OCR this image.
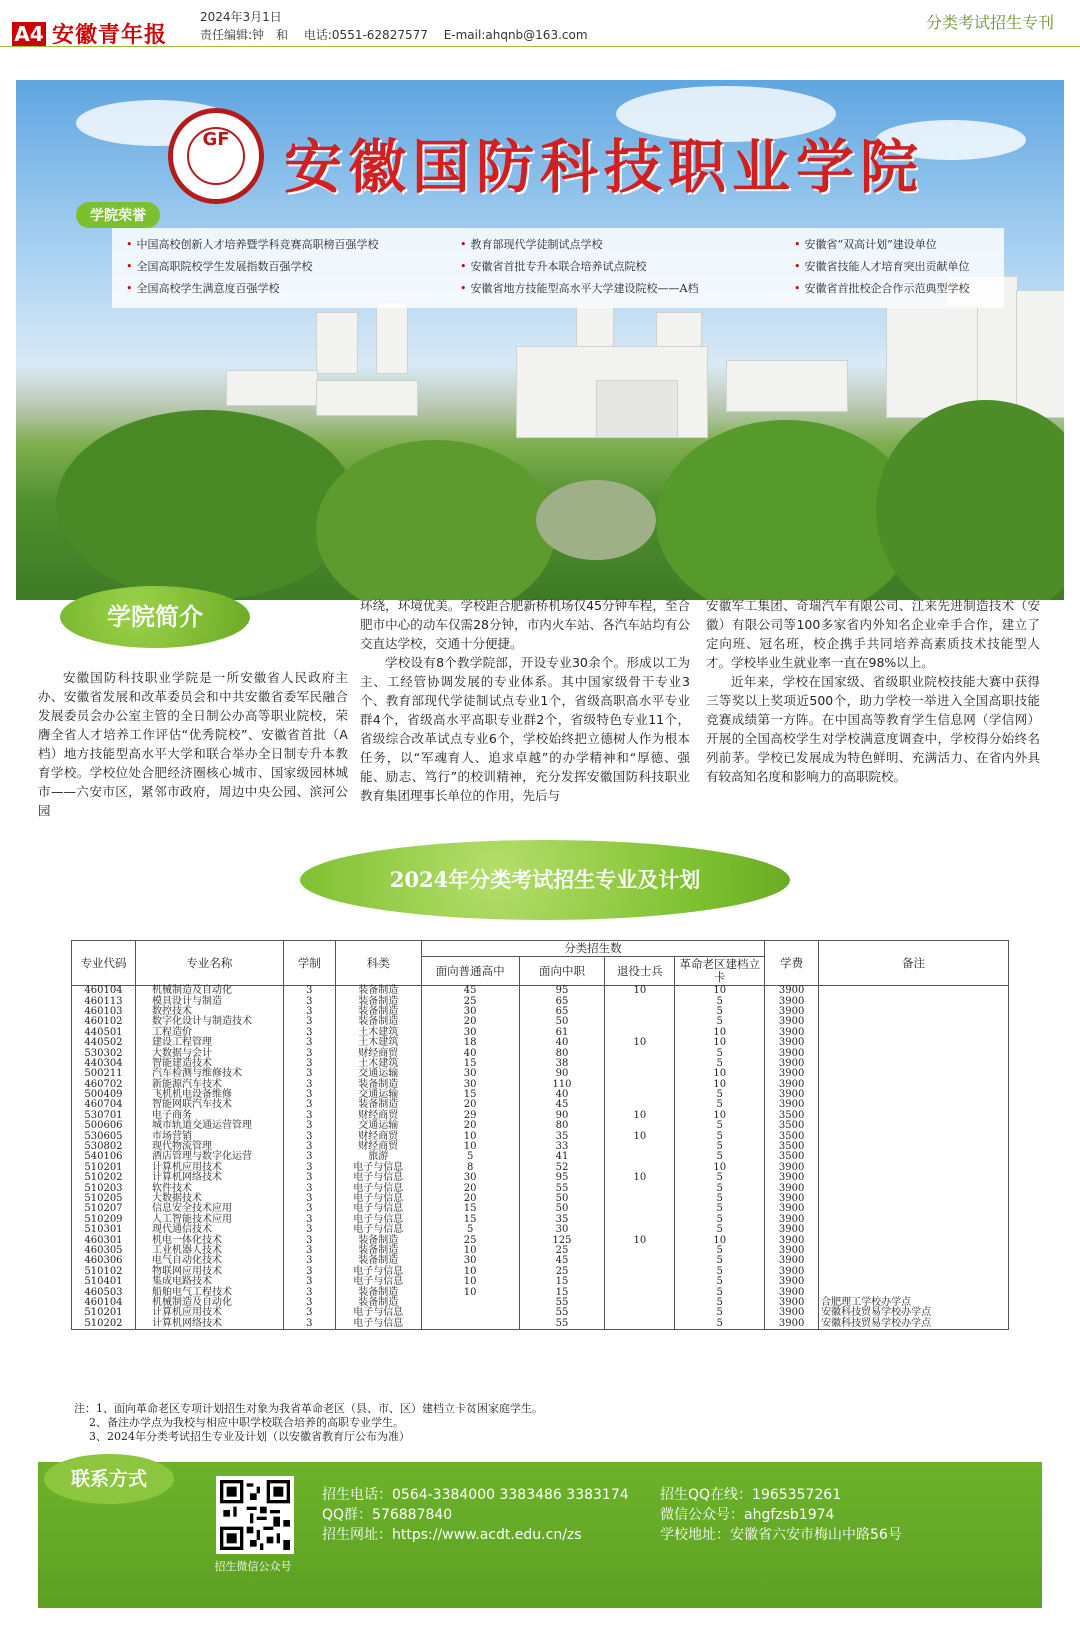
A4 安徽青年报
2024年3月1日
责任编辑:钟　和　 电话:0551-62827577　 E-mail:ahqnb@163.com
分类考试招生专刊
GF 安徽国防科技职业学院
学院荣誉
• 中国高校创新人才培养暨学科竞赛高职榜百强学校	• 教育部现代学徒制试点学校	• 安徽省“双高计划”建设单位
• 全国高职院校学生发展指数百强学校	• 安徽省首批专升本联合培养试点院校	• 安徽省技能人才培育突出贡献单位
• 全国高校学生满意度百强学校	• 安徽省地方技能型高水平大学建设院校——A档	• 安徽省首批校企合作示范典型学校
学院简介

安徽国防科技职业学院是一所安徽省人民政府主办、安徽省发展和改革委员会和中共安徽省委军民融合发展委员会办公室主管的全日制公办高等职业院校，荣膺全省人才培养工作评估“优秀院校”、安徽省首批（A档）地方技能型高水平大学和联合举办全日制专升本教育学校。学校位处合肥经济圈核心城市、国家级园林城市——六安市区，紧邻市政府，周边中央公园、滨河公园

环绕，环境优美。学校距合肥新桥机场仅45分钟车程，至合肥市中心的动车仅需28分钟，市内火车站、各汽车站均有公交直达学校，交通十分便捷。

学校设有8个教学院部，开设专业30余个。形成以工为主、工经管协调发展的专业体系。其中国家级骨干专业3个、教育部现代学徒制试点专业1个，省级高职高水平专业群4个，省级高水平高职专业群2个，省级特色专业11个，省级综合改革试点专业6个，学校始终把立德树人作为根本任务，以“军魂育人、追求卓越”的办学精神和“厚德、强能、励志、笃行”的校训精神，充分发挥安徽国防科技职业教育集团理事长单位的作用，先后与

安徽军工集团、奇瑞汽车有限公司、江来先进制造技术（安徽）有限公司等100多家省内外知名企业牵手合作，建立了定向班、冠名班，校企携手共同培养高素质技术技能型人才。学校毕业生就业率一直在98%以上。

近年来，学校在国家级、省级职业院校技能大赛中获得三等奖以上奖项近500个，助力学校一举进入全国高职技能竞赛成绩第一方阵。在中国高等教育学生信息网（学信网）开展的全国高校学生对学校满意度调查中，学校得分始终名列前茅。学校已发展成为特色鲜明、充满活力、在省内外具有较高知名度和影响力的高职院校。

2024年分类考试招生专业及计划
专业代码	专业名称	学制	科类	分类招生数				学费	备注
				面向普通高中	面向中职	退役士兵	革命老区建档立卡		
460104	机械制造及自动化	3	装备制造	45	95	10	10	3900	
460113	模具设计与制造	3	装备制造	25	65		5	3900	
460103	数控技术	3	装备制造	30	65		5	3900	
460102	数字化设计与制造技术	3	装备制造	20	50		5	3900	
440501	工程造价	3	土木建筑	30	61		10	3900	
440502	建设工程管理	3	土木建筑	18	40	10	10	3900	
530302	大数据与会计	3	财经商贸	40	80		5	3900	
440304	智能建造技术	3	土木建筑	15	38		5	3900	
500211	汽车检测与维修技术	3	交通运输	30	90		10	3900	
460702	新能源汽车技术	3	装备制造	30	110		10	3900	
500409	飞机机电设备维修	3	交通运输	15	40		5	3900	
460704	智能网联汽车技术	3	装备制造	20	45		5	3900	
530701	电子商务	3	财经商贸	29	90	10	10	3500	
500606	城市轨道交通运营管理	3	交通运输	20	80		5	3500	
530605	市场营销	3	财经商贸	10	35	10	5	3500	
530802	现代物流管理	3	财经商贸	10	33		5	3500	
540106	酒店管理与数字化运营	3	旅游	5	41		5	3500	
510201	计算机应用技术	3	电子与信息	8	52		10	3900	
510202	计算机网络技术	3	电子与信息	30	95	10	5	3900	
510203	软件技术	3	电子与信息	20	55		5	3900	
510205	大数据技术	3	电子与信息	20	50		5	3900	
510207	信息安全技术应用	3	电子与信息	15	50		5	3900	
510209	人工智能技术应用	3	电子与信息	15	35		5	3900	
510301	现代通信技术	3	电子与信息	5	30		5	3900	
460301	机电一体化技术	3	装备制造	25	125	10	10	3900	
460305	工业机器人技术	3	装备制造	10	25		5	3900	
460306	电气自动化技术	3	装备制造	30	45		5	3900	
510102	物联网应用技术	3	电子与信息	10	25		5	3900	
510401	集成电路技术	3	电子与信息	10	15		5	3900	
460503	船舶电气工程技术	3	装备制造	10	15		5	3900	
460104	机械制造及自动化	3	装备制造		55		5	3900	合肥理工学校办学点
510201	计算机应用技术	3	电子与信息		55		5	3900	安徽科技贸易学校办学点
510202	计算机网络技术	3	电子与信息		55		5	3900	安徽科技贸易学校办学点
注：1、面向革命老区专项计划招生对象为我省革命老区（县、市、区）建档立卡贫困家庭学生。
2、备注办学点为我校与相应中职学校联合培养的高职专业学生。
3、2024年分类考试招生专业及计划（以安徽省教育厅公布为准）
联系方式
招生微信公众号
招生电话：0564-3384000 3383486 3383174 招生QQ在线：1965357261
QQ群：576887840	微信公众号：ahgfzsb1974
招生网址：https://www.acdt.edu.cn/zs	学校地址：安徽省六安市梅山中路56号
